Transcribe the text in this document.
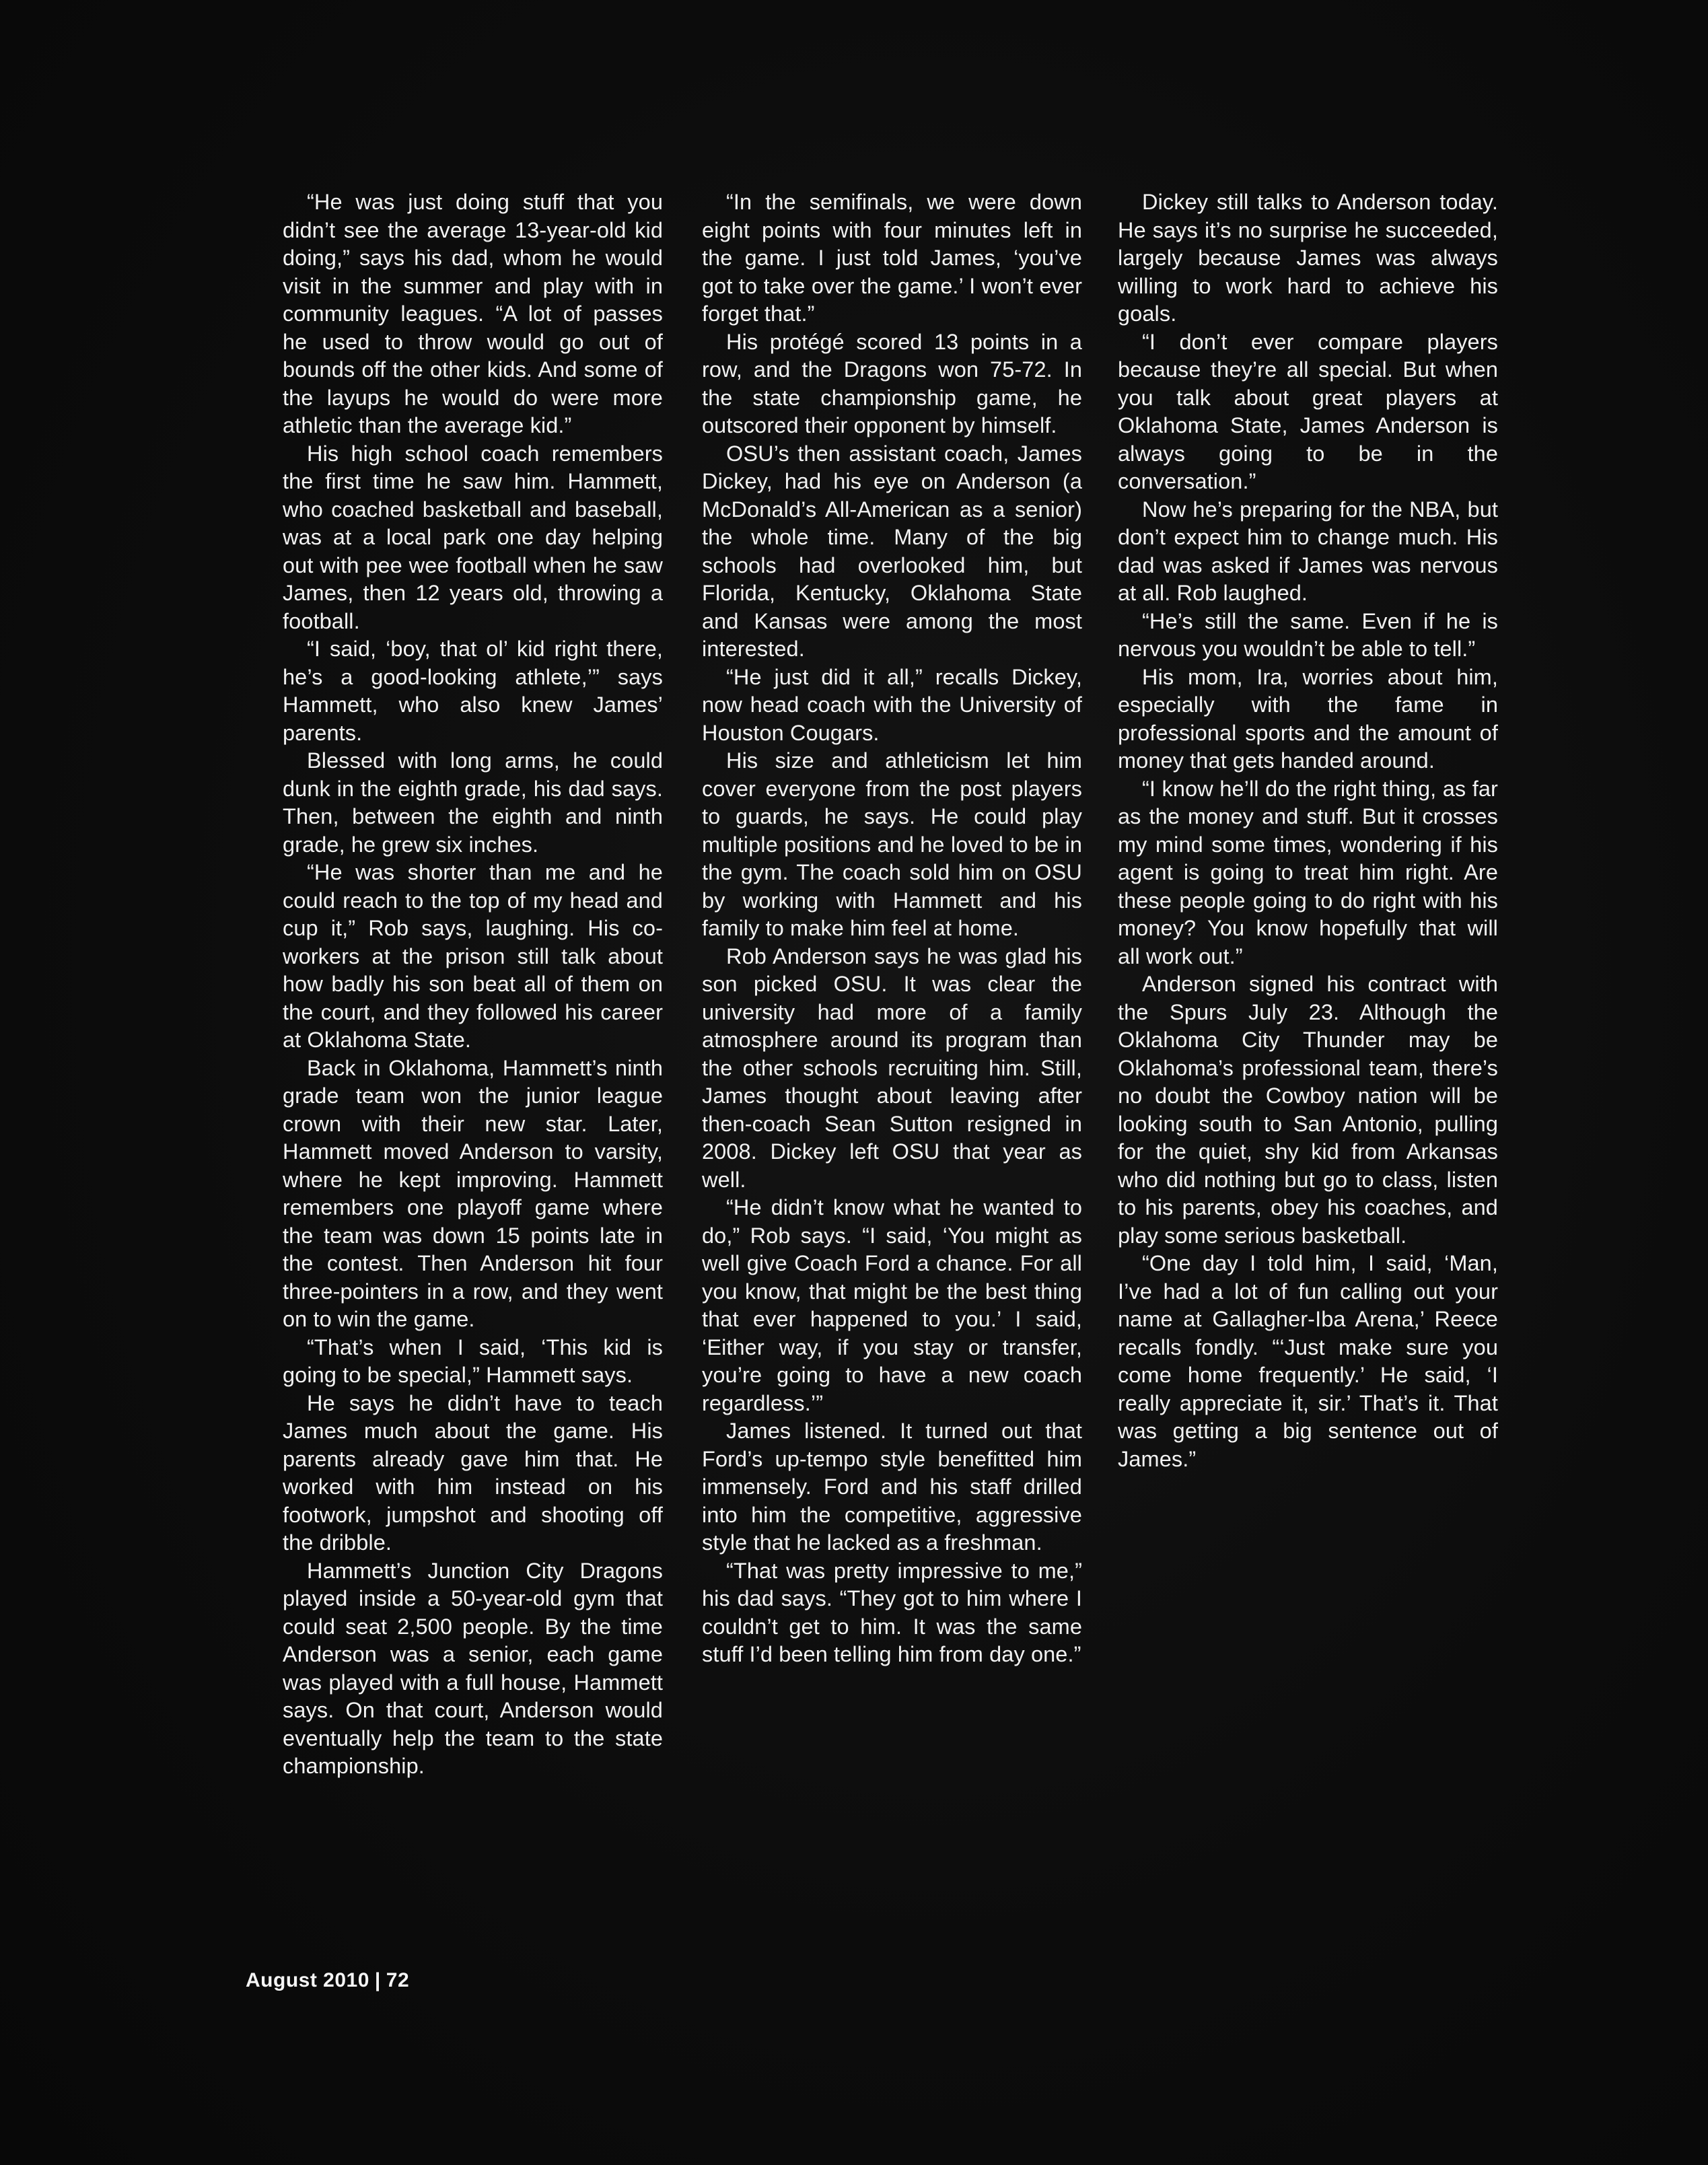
“He was just doing stuff that you didn’t see the average 13-year-old kid doing,” says his dad, whom he would visit in the summer and play with in community leagues. “A lot of passes he used to throw would go out of bounds off the other kids. And some of the layups he would do were more athletic than the average kid.”

His high school coach remembers the first time he saw him. Hammett, who coached basketball and baseball, was at a local park one day helping out with pee wee football when he saw James, then 12 years old, throwing a football.

“I said, ‘boy, that ol’ kid right there, he’s a good-looking athlete,’” says Hammett, who also knew James’ parents.

Blessed with long arms, he could dunk in the eighth grade, his dad says. Then, between the eighth and ninth grade, he grew six inches.

“He was shorter than me and he could reach to the top of my head and cup it,” Rob says, laughing. His co-workers at the prison still talk about how badly his son beat all of them on the court, and they followed his career at Oklahoma State.

Back in Oklahoma, Hammett’s ninth grade team won the junior league crown with their new star. Later, Hammett moved Anderson to varsity, where he kept improving. Hammett remembers one playoff game where the team was down 15 points late in the contest. Then Anderson hit four three-pointers in a row, and they went on to win the game.

“That’s when I said, ‘This kid is going to be special,” Hammett says.

He says he didn’t have to teach James much about the game. His parents already gave him that. He worked with him instead on his footwork, jumpshot and shooting off the dribble.

Hammett’s Junction City Dragons played inside a 50-year-old gym that could seat 2,500 people. By the time Anderson was a senior, each game was played with a full house, Hammett says. On that court, Anderson would eventually help the team to the state championship.

“In the semifinals, we were down eight points with four minutes left in the game. I just told James, ‘you’ve got to take over the game.’ I won’t ever forget that.”

His protégé scored 13 points in a row, and the Dragons won 75-72. In the state championship game, he outscored their opponent by himself.

OSU’s then assistant coach, James Dickey, had his eye on Anderson (a McDonald’s All-American as a senior) the whole time. Many of the big schools had overlooked him, but Florida, Kentucky, Oklahoma State and Kansas were among the most interested.

“He just did it all,” recalls Dickey, now head coach with the University of Houston Cougars.

His size and athleticism let him cover everyone from the post players to guards, he says. He could play multiple positions and he loved to be in the gym. The coach sold him on OSU by working with Hammett and his family to make him feel at home.

Rob Anderson says he was glad his son picked OSU. It was clear the university had more of a family atmosphere around its program than the other schools recruiting him. Still, James thought about leaving after then-coach Sean Sutton resigned in 2008. Dickey left OSU that year as well.

“He didn’t know what he wanted to do,” Rob says. “I said, ‘You might as well give Coach Ford a chance. For all you know, that might be the best thing that ever happened to you.’ I said, ‘Either way, if you stay or transfer, you’re going to have a new coach regardless.’”

James listened. It turned out that Ford’s up-tempo style benefitted him immensely. Ford and his staff drilled into him the competitive, aggressive style that he lacked as a freshman.

“That was pretty impressive to me,” his dad says. “They got to him where I couldn’t get to him. It was the same stuff I’d been telling him from day one.”

Dickey still talks to Anderson today. He says it’s no surprise he succeeded, largely because James was always willing to work hard to achieve his goals.

“I don’t ever compare players because they’re all special. But when you talk about great players at Oklahoma State, James Anderson is always going to be in the conversation.”

Now he’s preparing for the NBA, but don’t expect him to change much. His dad was asked if James was nervous at all. Rob laughed.

“He’s still the same. Even if he is nervous you wouldn’t be able to tell.”

His mom, Ira, worries about him, especially with the fame in professional sports and the amount of money that gets handed around.

“I know he’ll do the right thing, as far as the money and stuff. But it crosses my mind some times, wondering if his agent is going to treat him right. Are these people going to do right with his money? You know hopefully that will all work out.”

Anderson signed his contract with the Spurs July 23. Although the Oklahoma City Thunder may be Oklahoma’s professional team, there’s no doubt the Cowboy nation will be looking south to San Antonio, pulling for the quiet, shy kid from Arkansas who did nothing but go to class, listen to his parents, obey his coaches, and play some serious basketball.

“One day I told him, I said, ‘Man, I’ve had a lot of fun calling out your name at Gallagher-Iba Arena,’ Reece recalls fondly. “‘Just make sure you come home frequently.’ He said, ‘I really appreciate it, sir.’ That’s it. That was getting a big sentence out of James.”

August 2010 | 72
